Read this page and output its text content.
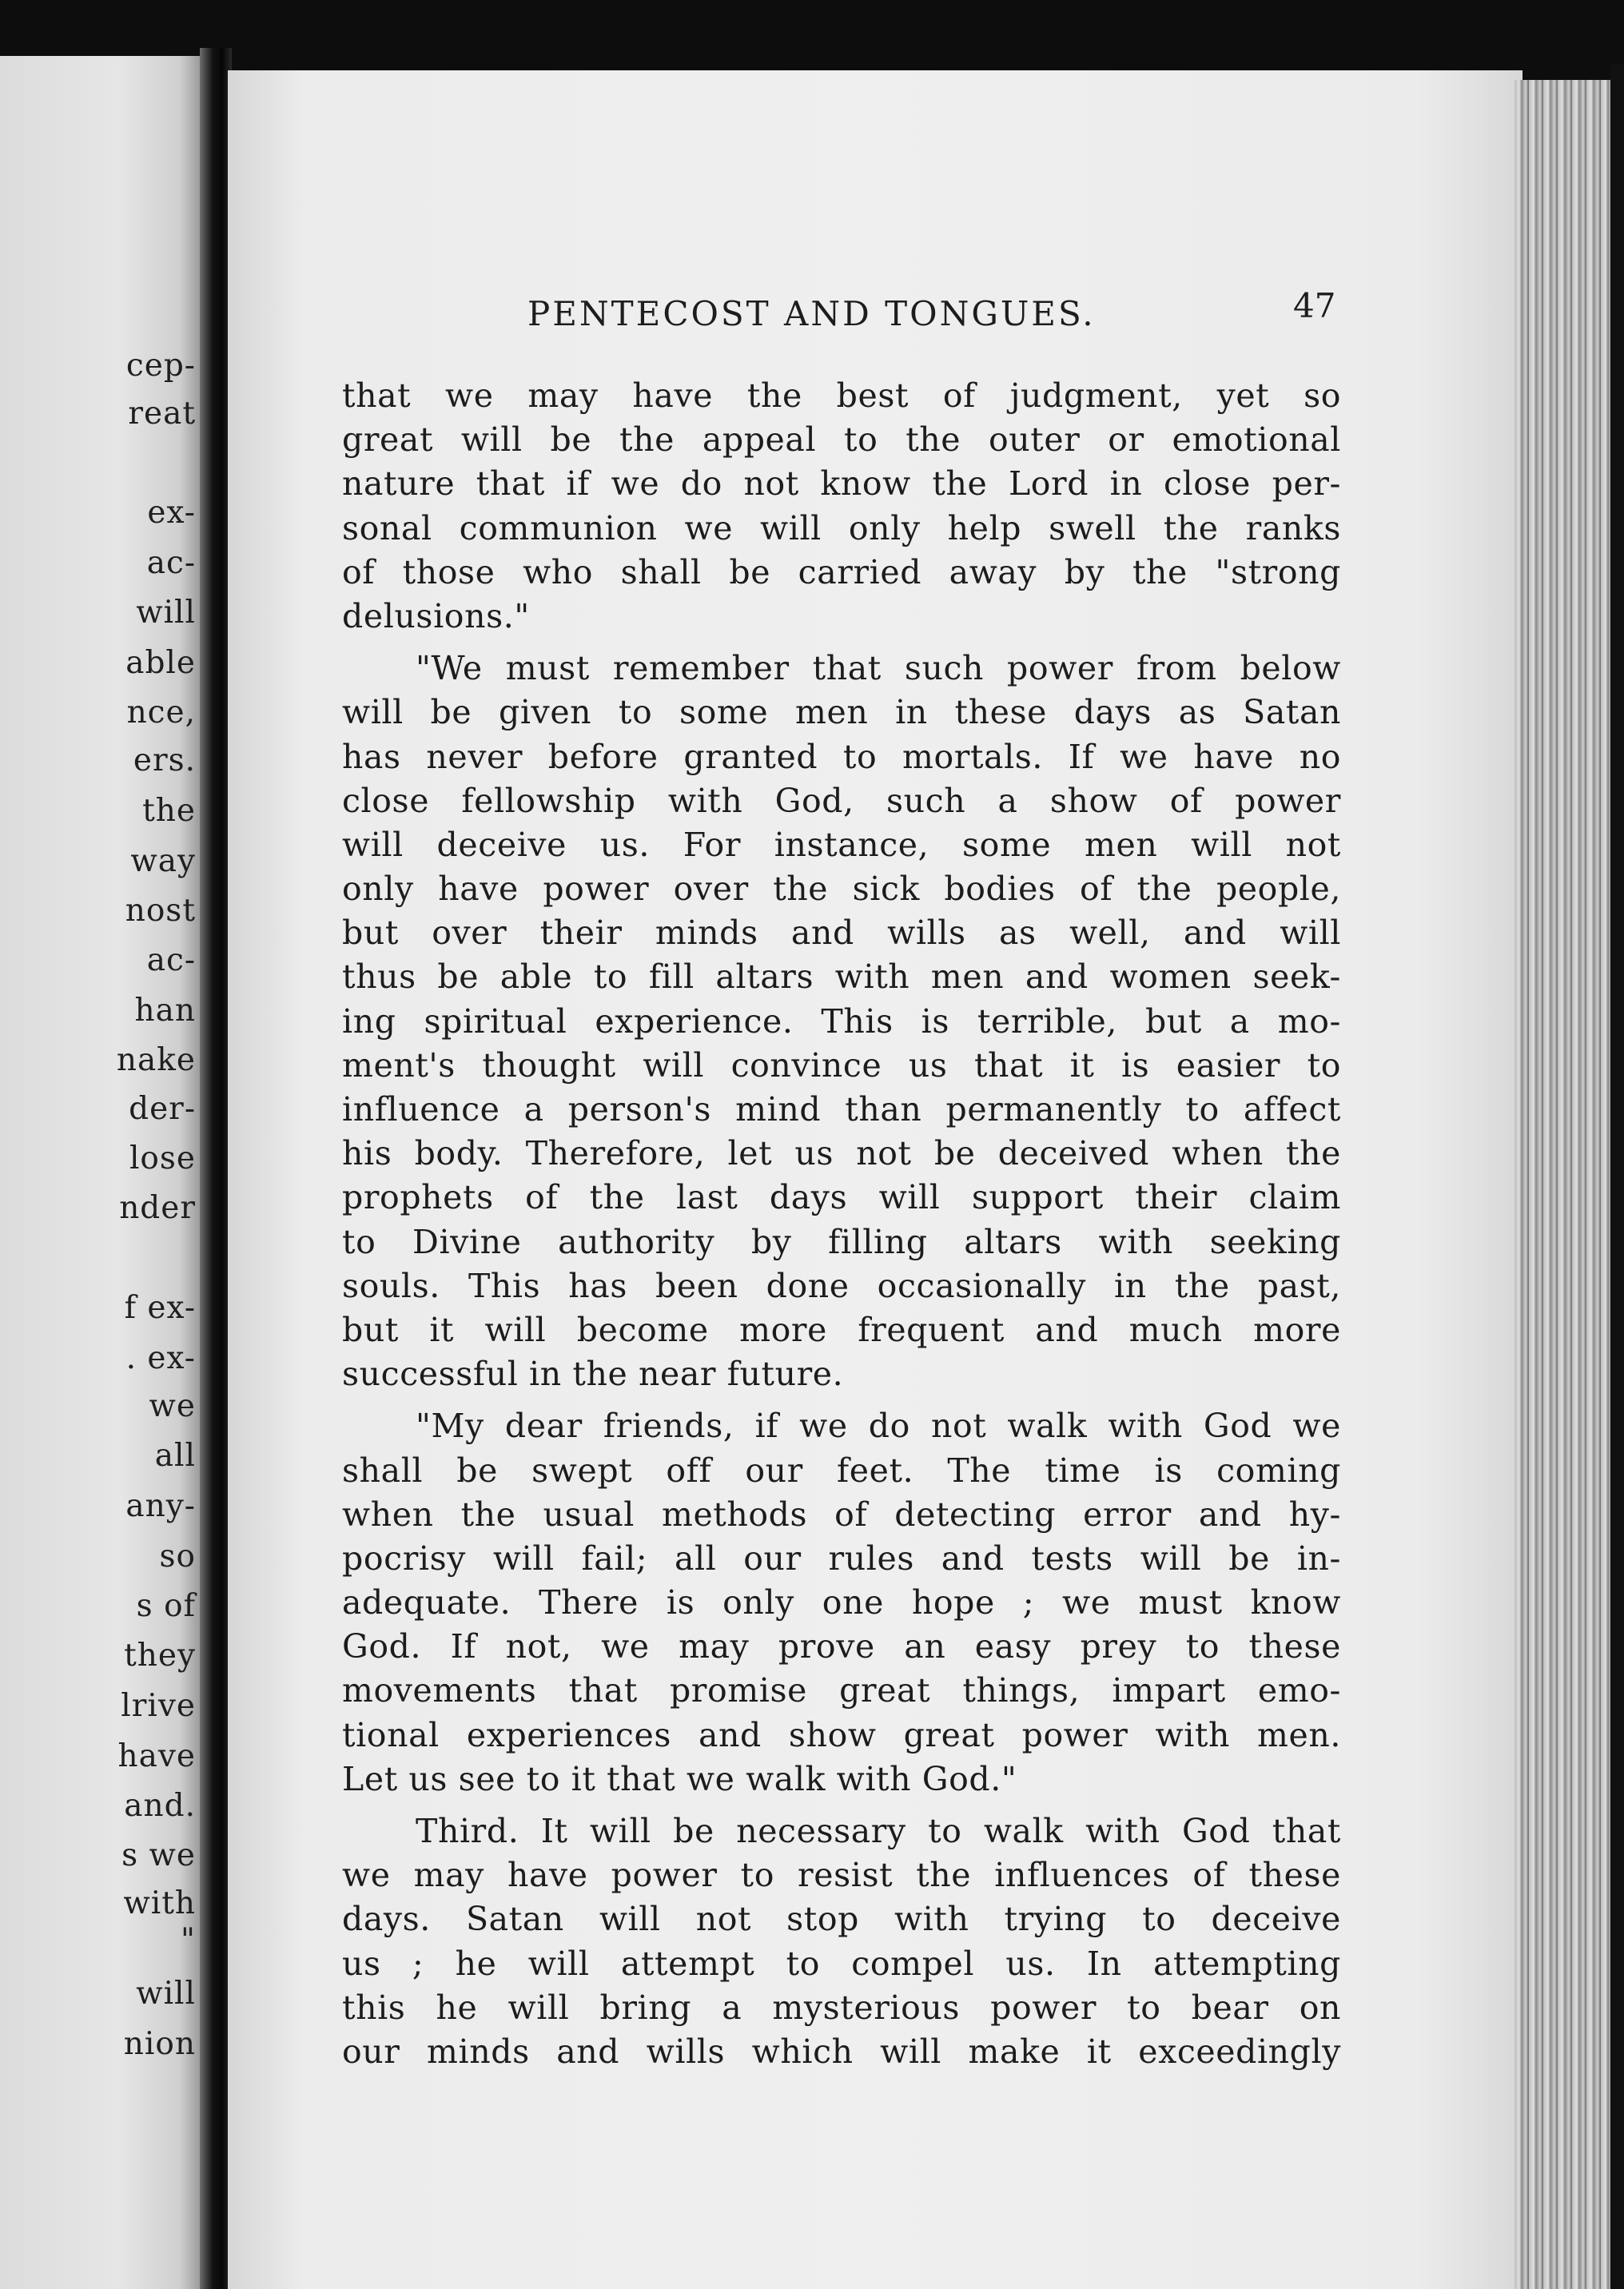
cep-
reat
ex-
ac-
will
able
nce,
ers.
the
way
nost
ac-
han
nake
der-
lose
nder
f ex-
. ex-
we
all
any-
so
s of
they
lrive
have
and.
s we
with
"
will
nion
PENTECOST AND TONGUES.	47
that we may have the best of judgment, yet so
great will be the appeal to the outer or emotional
nature that if we do not know the Lord in close per-
sonal communion we will only help swell the ranks
of those who shall be carried away by the "strong
delusions."
"We must remember that such power from below
will be given to some men in these days as Satan
has never before granted to mortals. If we have no
close fellowship with God, such a show of power
will deceive us. For instance, some men will not
only have power over the sick bodies of the people,
but over their minds and wills as well, and will
thus be able to fill altars with men and women seek-
ing spiritual experience. This is terrible, but a mo-
ment's thought will convince us that it is easier to
influence a person's mind than permanently to affect
his body. Therefore, let us not be deceived when the
prophets of the last days will support their claim
to Divine authority by filling altars with seeking
souls. This has been done occasionally in the past,
but it will become more frequent and much more
successful in the near future.
"My dear friends, if we do not walk with God we
shall be swept off our feet. The time is coming
when the usual methods of detecting error and hy-
pocrisy will fail; all our rules and tests will be in-
adequate. There is only one hope ; we must know
God. If not, we may prove an easy prey to these
movements that promise great things, impart emo-
tional experiences and show great power with men.
Let us see to it that we walk with God."
Third. It will be necessary to walk with God that
we may have power to resist the influences of these
days. Satan will not stop with trying to deceive
us ; he will attempt to compel us. In attempting
this he will bring a mysterious power to bear on
our minds and wills which will make it exceedingly
